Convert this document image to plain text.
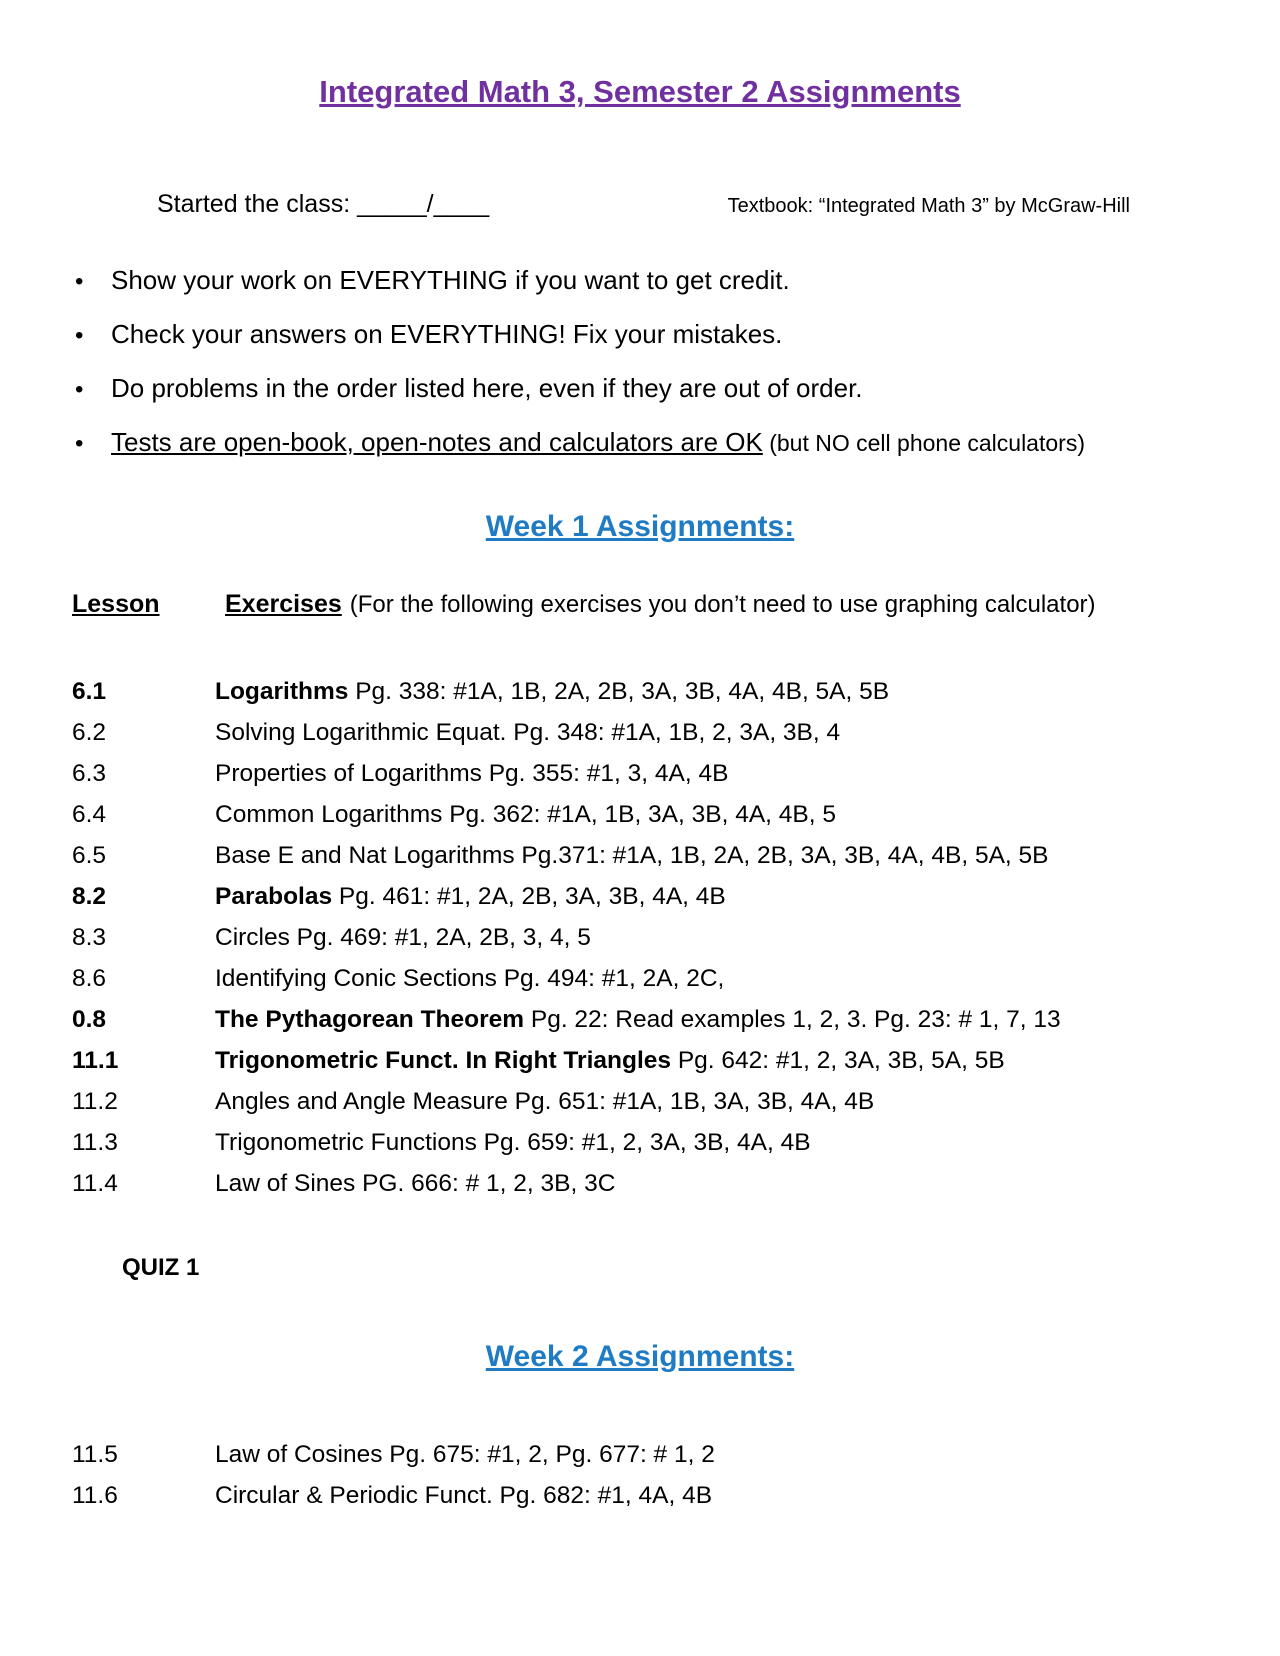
Integrated Math 3, Semester 2 Assignments
Started the class: _____/____	Textbook: “Integrated Math 3” by McGraw-Hill
•	Show your work on EVERYTHING if you want to get credit.
•	Check your answers on EVERYTHING! Fix your mistakes.
•	Do problems in the order listed here, even if they are out of order.
•	Tests are open-book, open-notes and calculators are OK (but NO cell phone calculators)
Week 1 Assignments:
Lesson	Exercises (For the following exercises you don’t need to use graphing calculator)
6.1	Logarithms Pg. 338: #1A, 1B, 2A, 2B, 3A, 3B, 4A, 4B, 5A, 5B
6.2	Solving Logarithmic Equat. Pg. 348: #1A, 1B, 2, 3A, 3B, 4
6.3	Properties of Logarithms Pg. 355: #1, 3, 4A, 4B
6.4	Common Logarithms Pg. 362: #1A, 1B, 3A, 3B, 4A, 4B, 5
6.5	Base E and Nat Logarithms Pg.371: #1A, 1B, 2A, 2B, 3A, 3B, 4A, 4B, 5A, 5B
8.2	Parabolas Pg. 461: #1, 2A, 2B, 3A, 3B, 4A, 4B
8.3	Circles Pg. 469: #1, 2A, 2B, 3, 4, 5
8.6	Identifying Conic Sections Pg. 494: #1, 2A, 2C,
0.8	The Pythagorean Theorem Pg. 22: Read examples 1, 2, 3. Pg. 23: # 1, 7, 13
11.1	Trigonometric Funct. In Right Triangles Pg. 642: #1, 2, 3A, 3B, 5A, 5B
11.2	Angles and Angle Measure Pg. 651: #1A, 1B, 3A, 3B, 4A, 4B
11.3	Trigonometric Functions Pg. 659: #1, 2, 3A, 3B, 4A, 4B
11.4	Law of Sines PG. 666: # 1, 2, 3B, 3C
QUIZ 1
Week 2 Assignments:
11.5	Law of Cosines Pg. 675: #1, 2, Pg. 677: # 1, 2
11.6	Circular & Periodic Funct. Pg. 682: #1, 4A, 4B
